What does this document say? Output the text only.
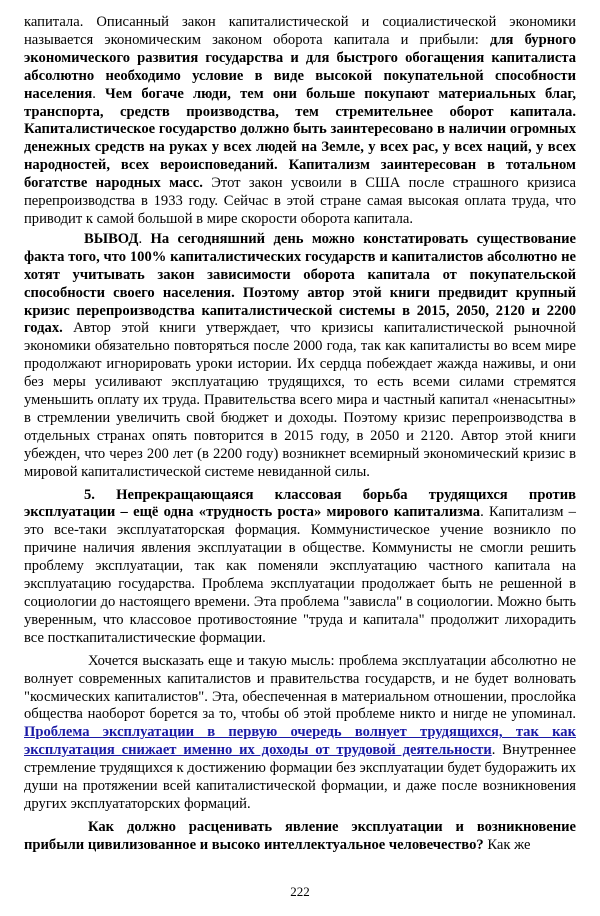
капитала. Описанный закон капиталистической и социалистической экономики называется экономическим законом оборота капитала и прибыли: для бурного экономического развития государства и для быстрого обогащения капиталиста абсолютно необходимо условие в виде высокой покупательной способности населения. Чем богаче люди, тем они больше покупают материальных благ, транспорта, средств производства, тем стремительнее оборот капитала. Капиталистическое государство должно быть заинтересовано в наличии огромных денежных средств на руках у всех людей на Земле, у всех рас, у всех наций, у всех народностей, всех вероисповеданий. Капитализм заинтересован в тотальном богатстве народных масс. Этот закон усвоили в США после страшного кризиса перепроизводства в 1933 году. Сейчас в этой стране самая высокая оплата труда, что приводит к самой большой в мире скорости оборота капитала.

ВЫВОД. На сегодняшний день можно констатировать существование факта того, что 100% капиталистических государств и капиталистов абсолютно не хотят учитывать закон зависимости оборота капитала от покупательской способности своего населения. Поэтому автор этой книги предвидит крупный кризис перепроизводства капиталистической системы в 2015, 2050, 2120 и 2200 годах. Автор этой книги утверждает, что кризисы капиталистической рыночной экономики обязательно повторяться после 2000 года, так как капиталисты во всем мире продолжают игнорировать уроки истории. Их сердца побеждает жажда наживы, и они без меры усиливают эксплуатацию трудящихся, то есть всеми силами стремятся уменьшить оплату их труда. Правительства всего мира и частный капитал «ненасытны» в стремлении увеличить свой бюджет и доходы. Поэтому кризис перепроизводства в отдельных странах опять повторится в 2015 году, в 2050 и 2120. Автор этой книги убежден, что через 200 лет (в 2200 году) возникнет всемирный экономический кризис в мировой капиталистической системе невиданной силы.

5. Непрекращающаяся классовая борьба трудящихся против эксплуатации – ещё одна «трудность роста» мирового капитализма. Капитализм – это все-таки эксплуататорская формация. Коммунистическое учение возникло по причине наличия явления эксплуатации в обществе. Коммунисты не смогли решить проблему эксплуатации, так как поменяли эксплуатацию частного капитала на эксплуатацию государства. Проблема эксплуатации продолжает быть не решенной в социологии до настоящего времени. Эта проблема "зависла" в социологии. Можно быть уверенным, что классовое противостояние "труда и капитала" продолжит лихорадить все посткапиталистические формации.

Хочется высказать еще и такую мысль: проблема эксплуатации абсолютно не волнует современных капиталистов и правительства государств, и не будет волновать "космических капиталистов". Эта, обеспеченная в материальном отношении, прослойка общества наоборот борется за то, чтобы об этой проблеме никто и нигде не упоминал. Проблема эксплуатации в первую очередь волнует трудящихся, так как эксплуатация снижает именно их доходы от трудовой деятельности. Внутреннее стремление трудящихся к достижению формации без эксплуатации будет будоражить их души на протяжении всей капиталистической формации, и даже после возникновения других эксплуататорских формаций.

Как должно расценивать явление эксплуатации и возникновение прибыли цивилизованное и высоко интеллектуальное человечество? Как же

222
